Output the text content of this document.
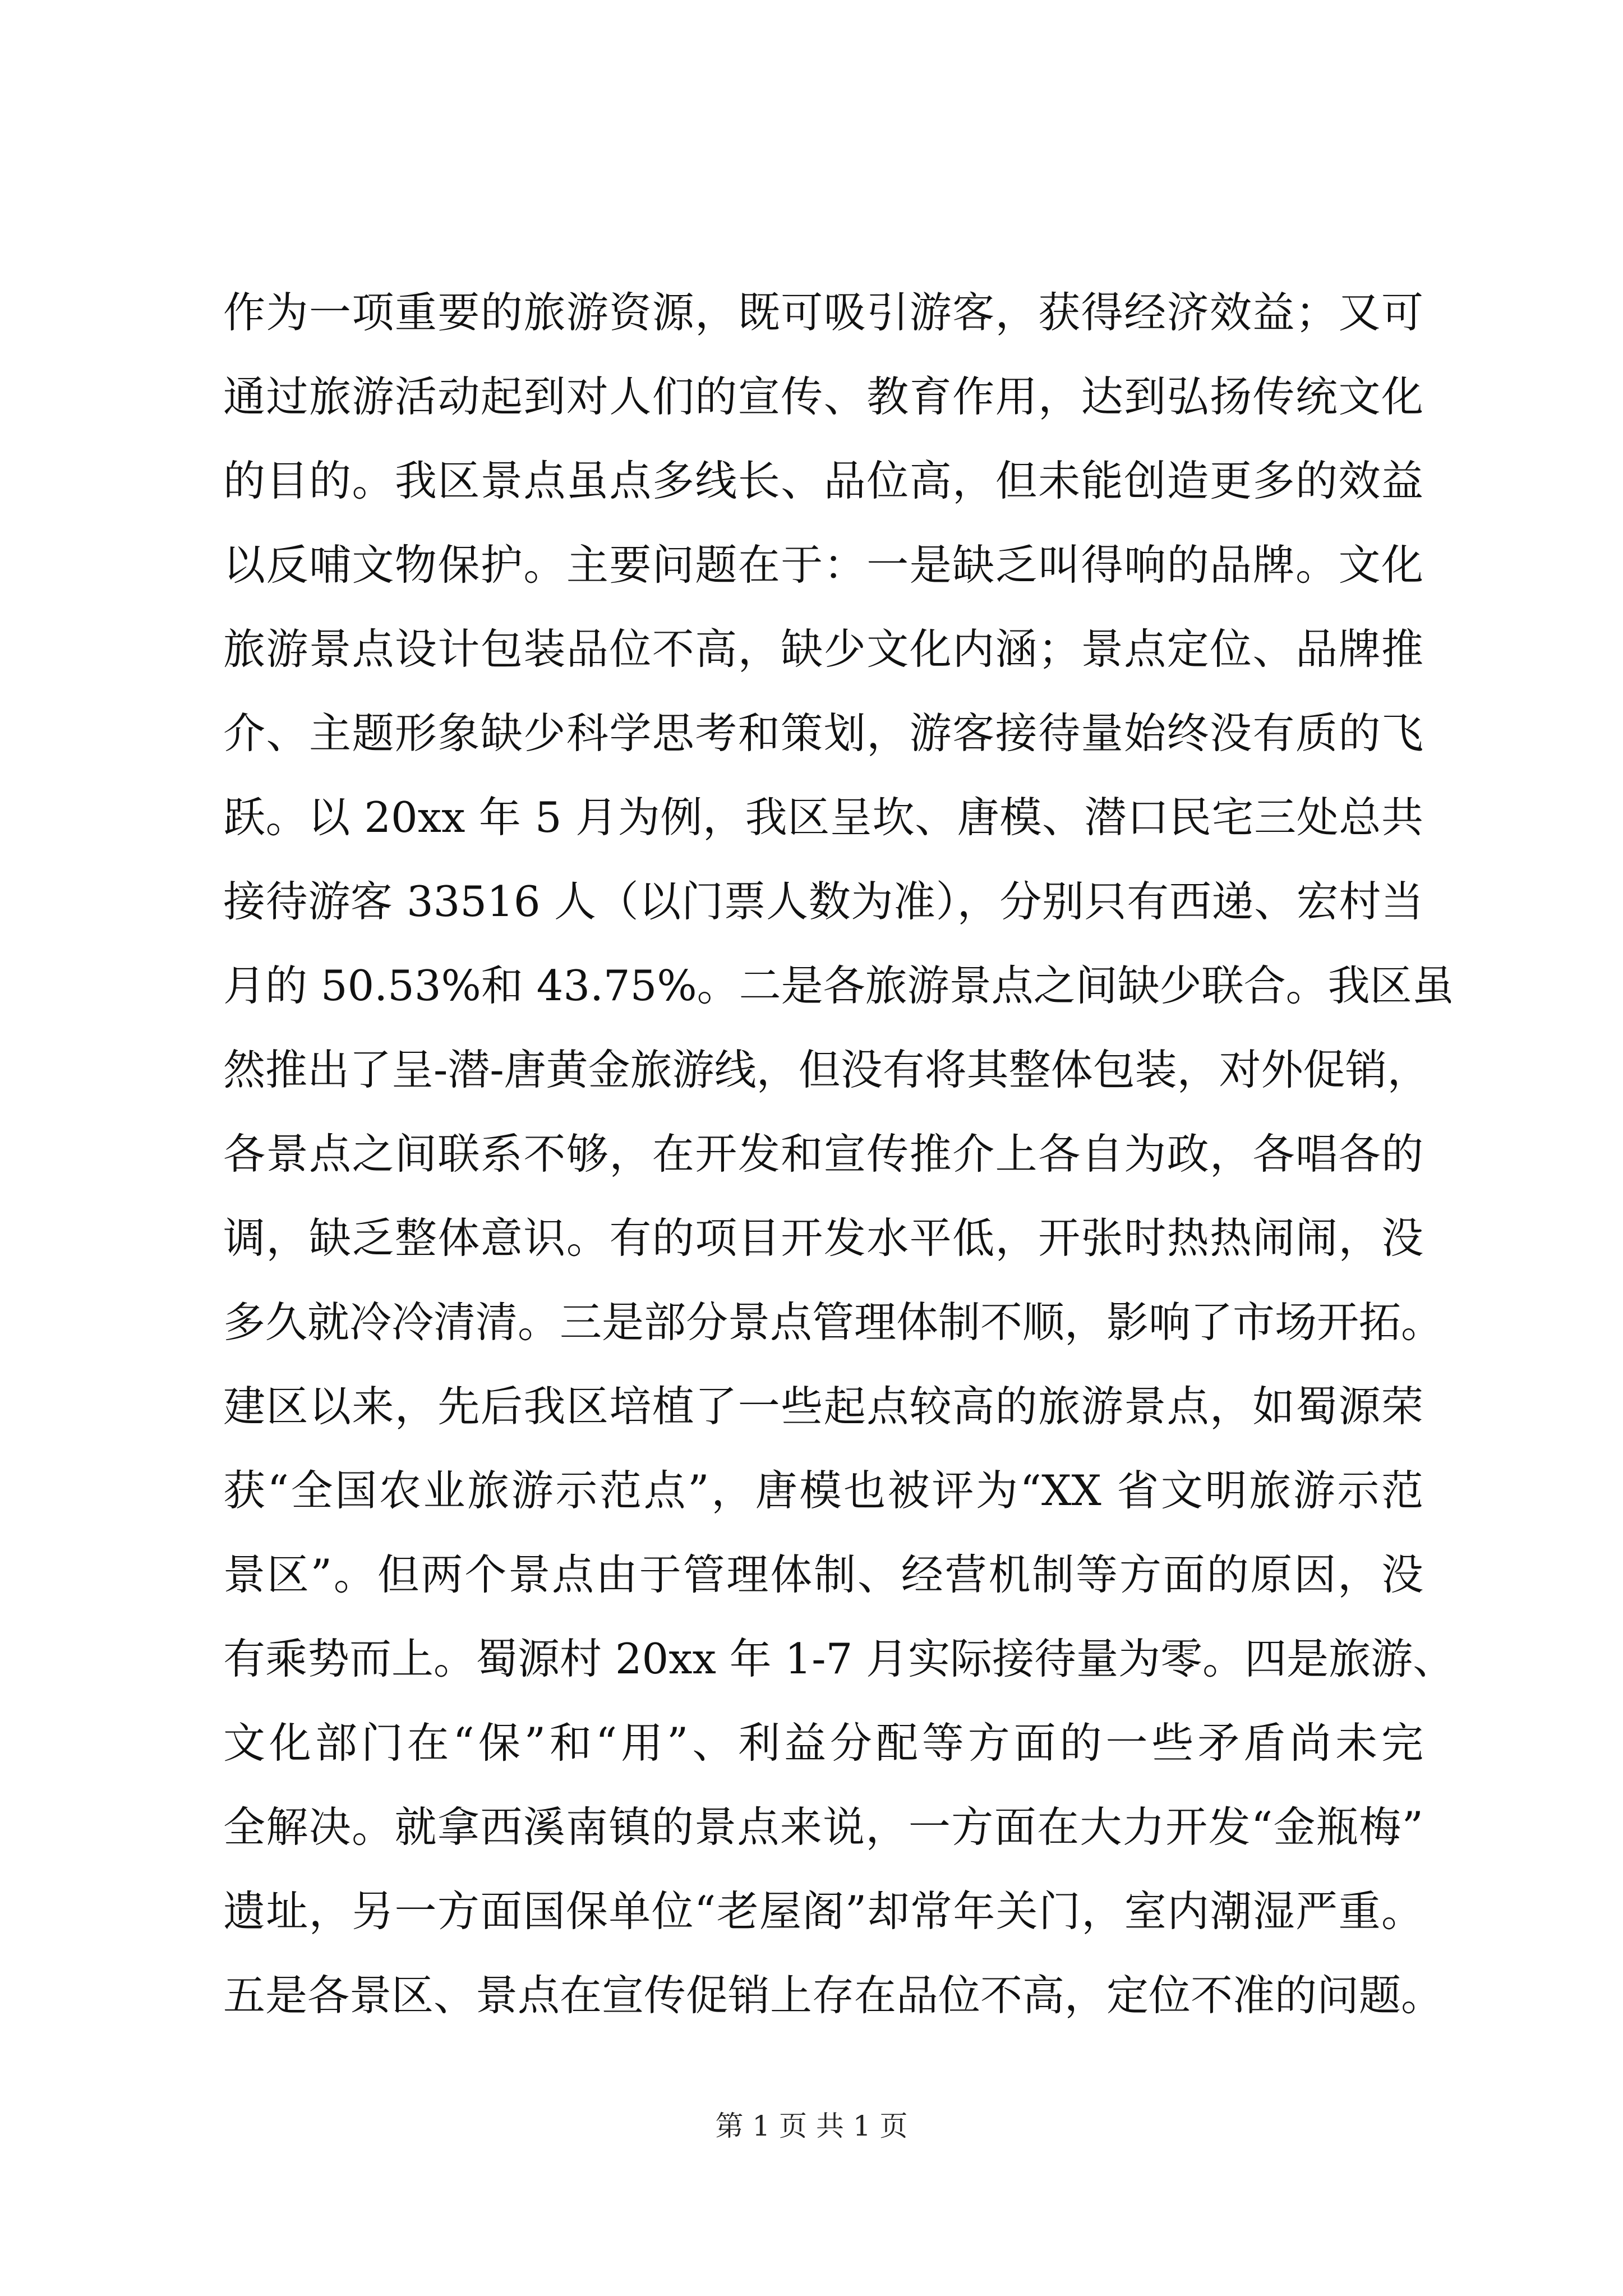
作为一项重要的旅游资源，既可吸引游客，获得经济效益；又可
通过旅游活动起到对人们的宣传、教育作用，达到弘扬传统文化
的目的。我区景点虽点多线长、品位高，但未能创造更多的效益
以反哺文物保护。主要问题在于：一是缺乏叫得响的品牌。文化
旅游景点设计包装品位不高，缺少文化内涵；景点定位、品牌推
介、主题形象缺少科学思考和策划，游客接待量始终没有质的飞
跃。以 20xx 年 5 月为例，我区呈坎、唐模、潜口民宅三处总共
接待游客 33516 人（以门票人数为准），分别只有西递、宏村当
月的 50.53%和 43.75%。二是各旅游景点之间缺少联合。我区虽
然推出了呈-潜-唐黄金旅游线，但没有将其整体包装，对外促销，
各景点之间联系不够，在开发和宣传推介上各自为政，各唱各的
调，缺乏整体意识。有的项目开发水平低，开张时热热闹闹，没
多久就冷冷清清。三是部分景点管理体制不顺，影响了市场开拓。
建区以来，先后我区培植了一些起点较高的旅游景点，如蜀源荣
获“全国农业旅游示范点”，唐模也被评为“XX 省文明旅游示范
景区”。但两个景点由于管理体制、经营机制等方面的原因，没
有乘势而上。蜀源村 20xx 年 1-7 月实际接待量为零。四是旅游、
文化部门在“保”和“用”、利益分配等方面的一些矛盾尚未完
全解决。就拿西溪南镇的景点来说，一方面在大力开发“金瓶梅”
遗址，另一方面国保单位“老屋阁”却常年关门，室内潮湿严重。
五是各景区、景点在宣传促销上存在品位不高，定位不准的问题。
第 1 页 共 1 页
